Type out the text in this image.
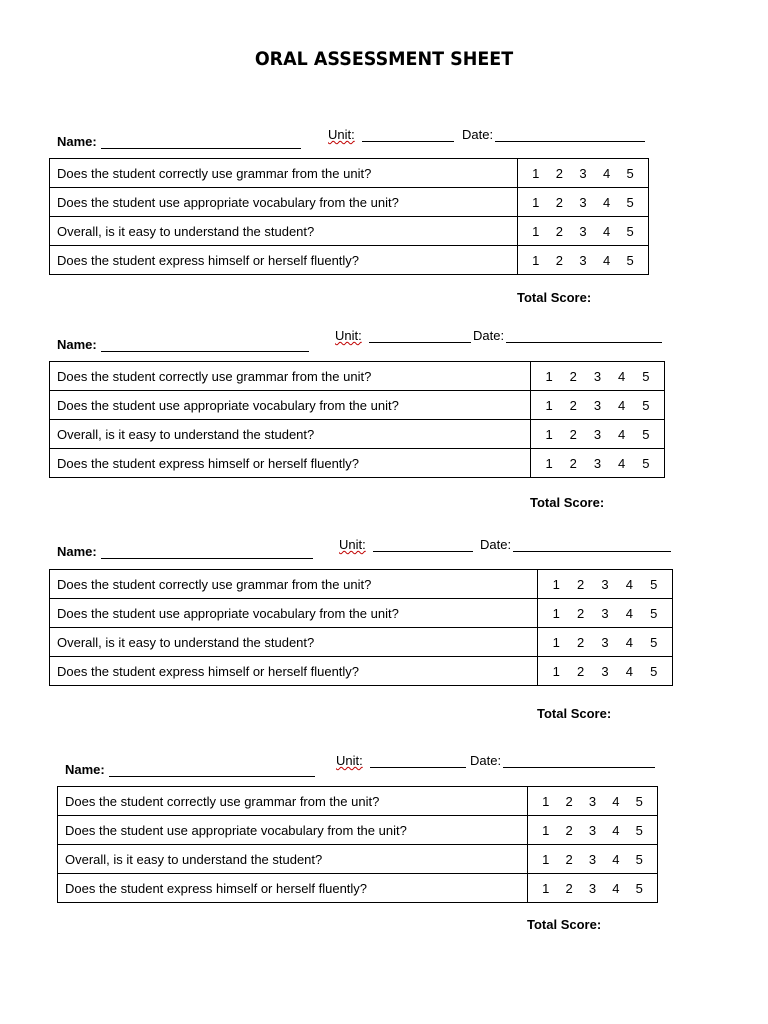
ORAL ASSESSMENT SHEET
Name:	Unit:	Date:
Does the student correctly use grammar from the unit?	1 2 3 4 5

Does the student use appropriate vocabulary from the unit?	1 2 3 4 5

Overall, is it easy to understand the student?	1 2 3 4 5

Does the student express himself or herself fluently?	1 2 3 4 5
Total Score:
Name:
Unit:	Date:
Does the student correctly use grammar from the unit?	1 2 3 4 5

Does the student use appropriate vocabulary from the unit?	1 2 3 4 5

Overall, is it easy to understand the student?	1 2 3 4 5

Does the student express himself or herself fluently?	1 2 3 4 5
Total Score:
Name:	Unit:	Date:
Does the student correctly use grammar from the unit?	1 2 3 4 5

Does the student use appropriate vocabulary from the unit?	1 2 3 4 5

Overall, is it easy to understand the student?	1 2 3 4 5

Does the student express himself or herself fluently?	1 2 3 4 5
Total Score:
Name:
Unit:	Date:
Does the student correctly use grammar from the unit?	1 2 3 4 5

Does the student use appropriate vocabulary from the unit?	1 2 3 4 5

Overall, is it easy to understand the student?	1 2 3 4 5

Does the student express himself or herself fluently?	1 2 3 4 5
Total Score:
